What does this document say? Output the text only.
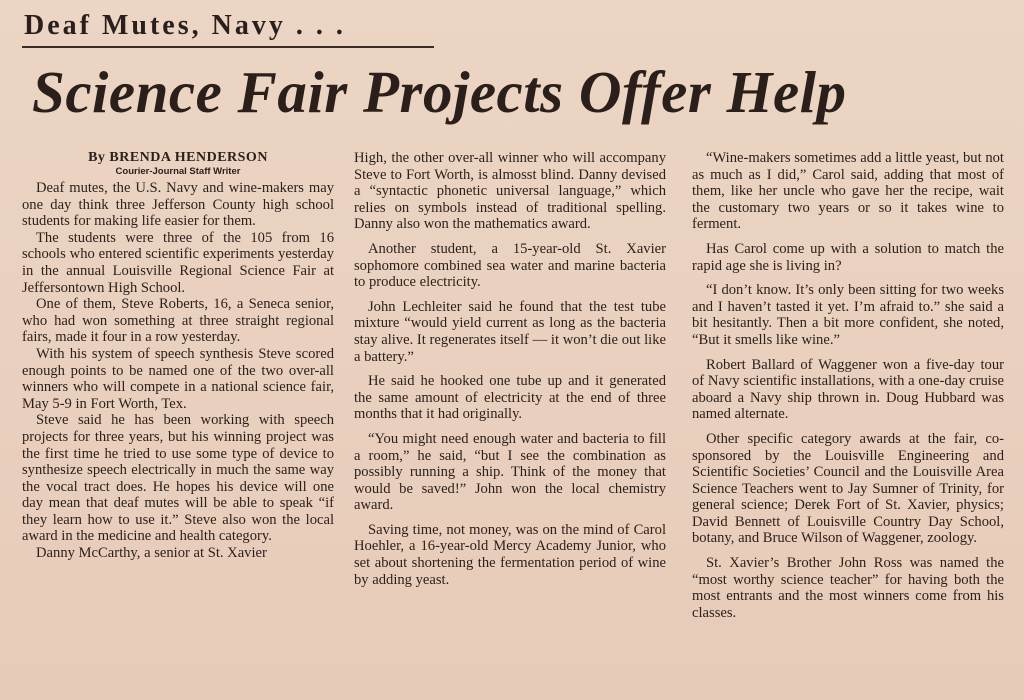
Deaf Mutes, Navy . . .
Science Fair Projects Offer Help
By BRENDA HENDERSON
Courier-Journal Staff Writer

Deaf mutes, the U.S. Navy and wine-makers may one day think three Jefferson County high school students for making life easier for them.

The students were three of the 105 from 16 schools who entered scientific experiments yesterday in the annual Louisville Regional Science Fair at Jeffersontown High School.

One of them, Steve Roberts, 16, a Seneca senior, who had won something at three straight regional fairs, made it four in a row yesterday.

With his system of speech synthesis Steve scored enough points to be named one of the two over-all winners who will compete in a national science fair, May 5-9 in Fort Worth, Tex.

Steve said he has been working with speech projects for three years, but his winning project was the first time he tried to use some type of device to synthesize speech electrically in much the same way the vocal tract does. He hopes his device will one day mean that deaf mutes will be able to speak “if they learn how to use it.” Steve also won the local award in the medicine and health category.

Danny McCarthy, a senior at St. Xavier

High, the other over-all winner who will accompany Steve to Fort Worth, is almosst blind. Danny devised a “syntactic phonetic universal language,” which relies on symbols instead of traditional spelling. Danny also won the mathematics award.

Another student, a 15-year-old St. Xavier sophomore combined sea water and marine bacteria to produce electricity.

John Lechleiter said he found that the test tube mixture “would yield current as long as the bacteria stay alive. It regenerates itself — it won’t die out like a battery.”

He said he hooked one tube up and it generated the same amount of electricity at the end of three months that it had originally.

“You might need enough water and bacteria to fill a room,” he said, “but I see the combination as possibly running a ship. Think of the money that would be saved!” John won the local chemistry award.

Saving time, not money, was on the mind of Carol Hoehler, a 16-year-old Mercy Academy Junior, who set about shortening the fermentation period of wine by adding yeast.

“Wine-makers sometimes add a little yeast, but not as much as I did,” Carol said, adding that most of them, like her uncle who gave her the recipe, wait the customary two years or so it takes wine to ferment.

Has Carol come up with a solution to match the rapid age she is living in?

“I don’t know. It’s only been sitting for two weeks and I haven’t tasted it yet. I’m afraid to.” she said a bit hesitantly. Then a bit more confident, she noted, “But it smells like wine.”

Robert Ballard of Waggener won a five-day tour of Navy scientific installations, with a one-day cruise aboard a Navy ship thrown in. Doug Hubbard was named alternate.

Other specific category awards at the fair, co-sponsored by the Louisville Engineering and Scientific Societies’ Council and the Louisville Area Science Teachers went to Jay Sumner of Trinity, for general science; Derek Fort of St. Xavier, physics; David Bennett of Louisville Country Day School, botany, and Bruce Wilson of Waggener, zoology.

St. Xavier’s Brother John Ross was named the “most worthy science teacher” for having both the most entrants and the most winners come from his classes.
